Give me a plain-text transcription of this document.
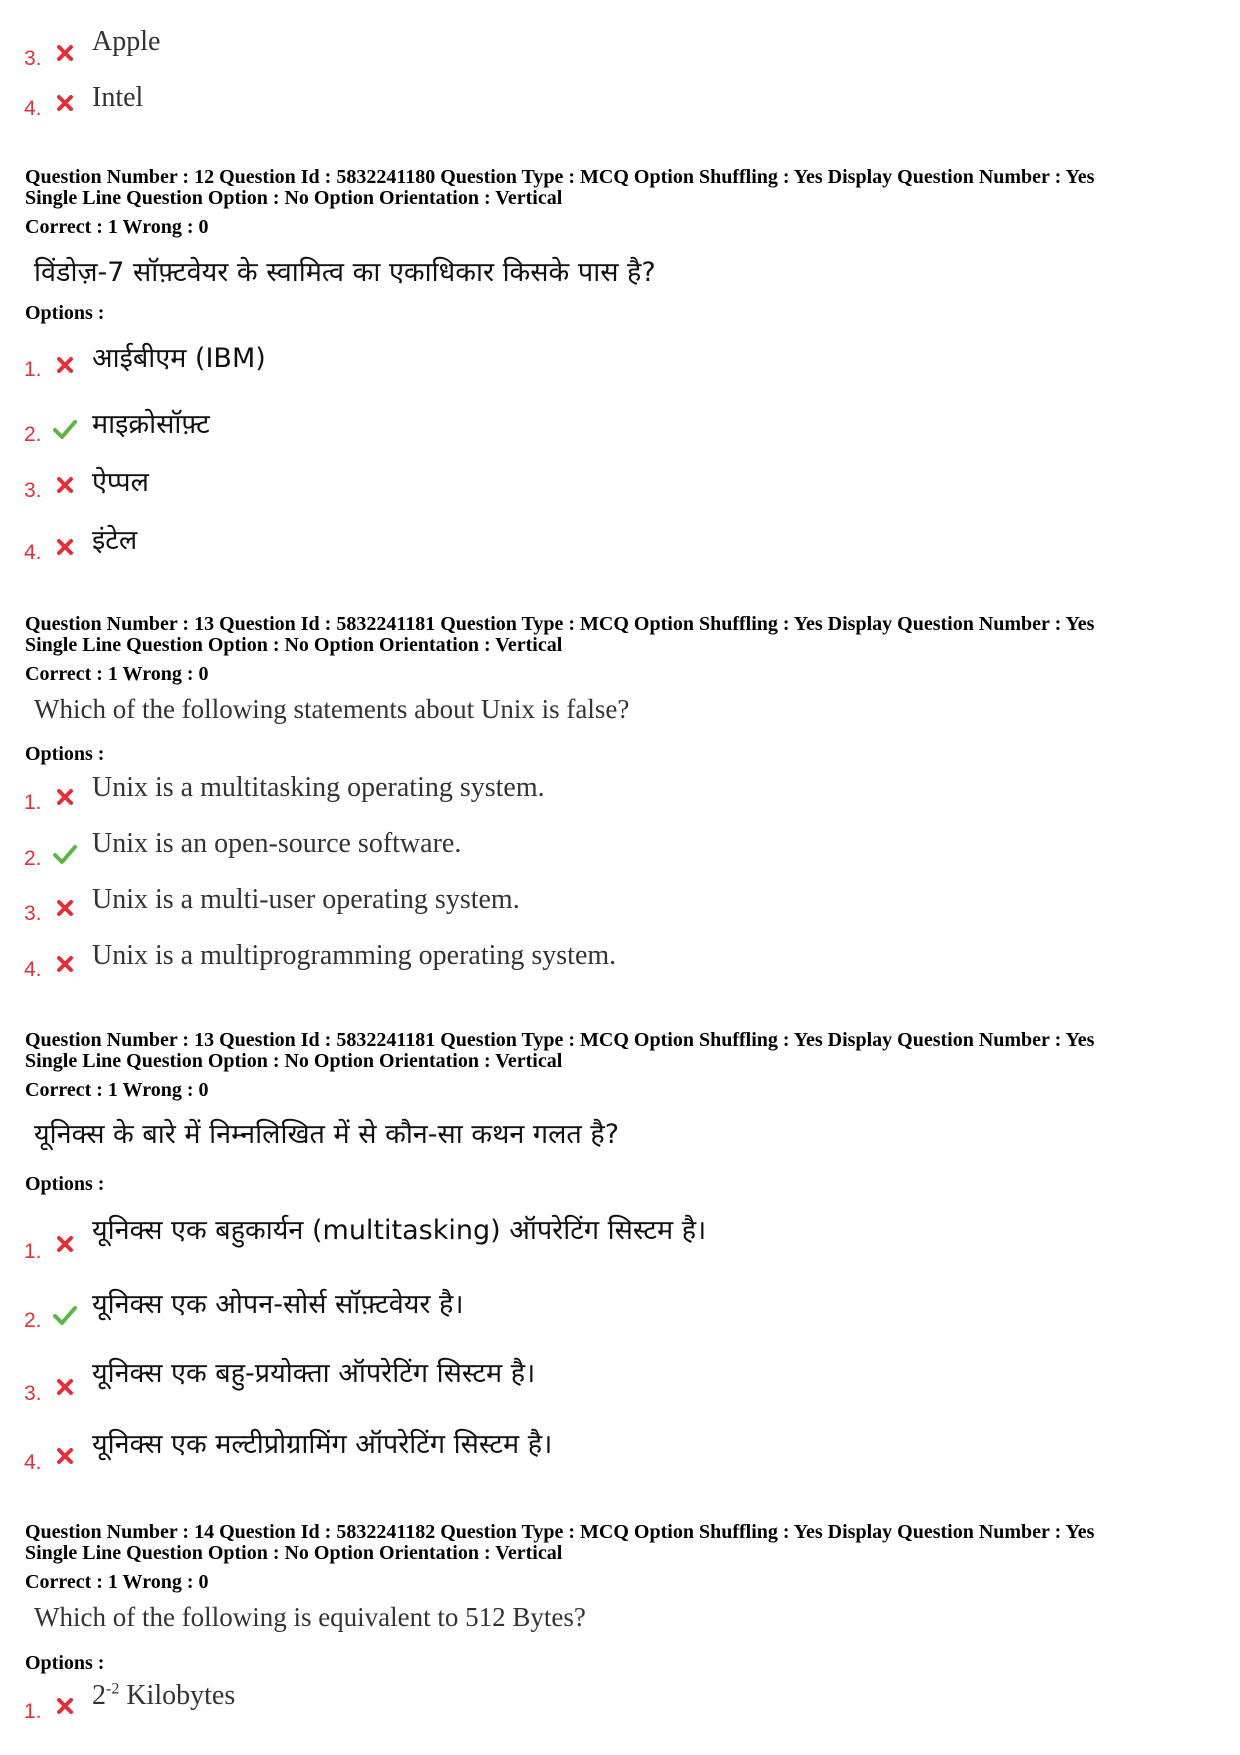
3.
Apple
4. Intel
Question Number : 12 Question Id : 5832241180 Question Type : MCQ Option Shuffling : Yes Display Question Number : Yes
Single Line Question Option : No Option Orientation : Vertical
Correct : 1 Wrong : 0
विंडोज़-7 सॉफ़्टवेयर के स्वामित्व का एकाधिकार किसके पास है?
Options :
1. आईबीएम (IBM)
2. माइक्रोसॉफ़्ट
3. ऐप्पल
4. इंटेल
Question Number : 13 Question Id : 5832241181 Question Type : MCQ Option Shuffling : Yes Display Question Number : Yes
Single Line Question Option : No Option Orientation : Vertical
Correct : 1 Wrong : 0
Which of the following statements about Unix is false?
Options :
1. Unix is a multitasking operating system.
2. Unix is an open-source software.
3. Unix is a multi-user operating system.
4. Unix is a multiprogramming operating system.
Question Number : 13 Question Id : 5832241181 Question Type : MCQ Option Shuffling : Yes Display Question Number : Yes
Single Line Question Option : No Option Orientation : Vertical
Correct : 1 Wrong : 0
यूनिक्स के बारे में निम्नलिखित में से कौन-सा कथन गलत है?
Options :
1.
यूनिक्स एक बहुकार्यन (multitasking) ऑपरेटिंग सिस्टम है।
2.
यूनिक्स एक ओपन-सोर्स सॉफ़्टवेयर है।
3.
यूनिक्स एक बहु-प्रयोक्ता ऑपरेटिंग सिस्टम है।
4.
यूनिक्स एक मल्टीप्रोग्रामिंग ऑपरेटिंग सिस्टम है।
Question Number : 14 Question Id : 5832241182 Question Type : MCQ Option Shuffling : Yes Display Question Number : Yes
Single Line Question Option : No Option Orientation : Vertical
Correct : 1 Wrong : 0
Which of the following is equivalent to 512 Bytes?
Options :
1.
$2^{-2}$ Kilobytes
